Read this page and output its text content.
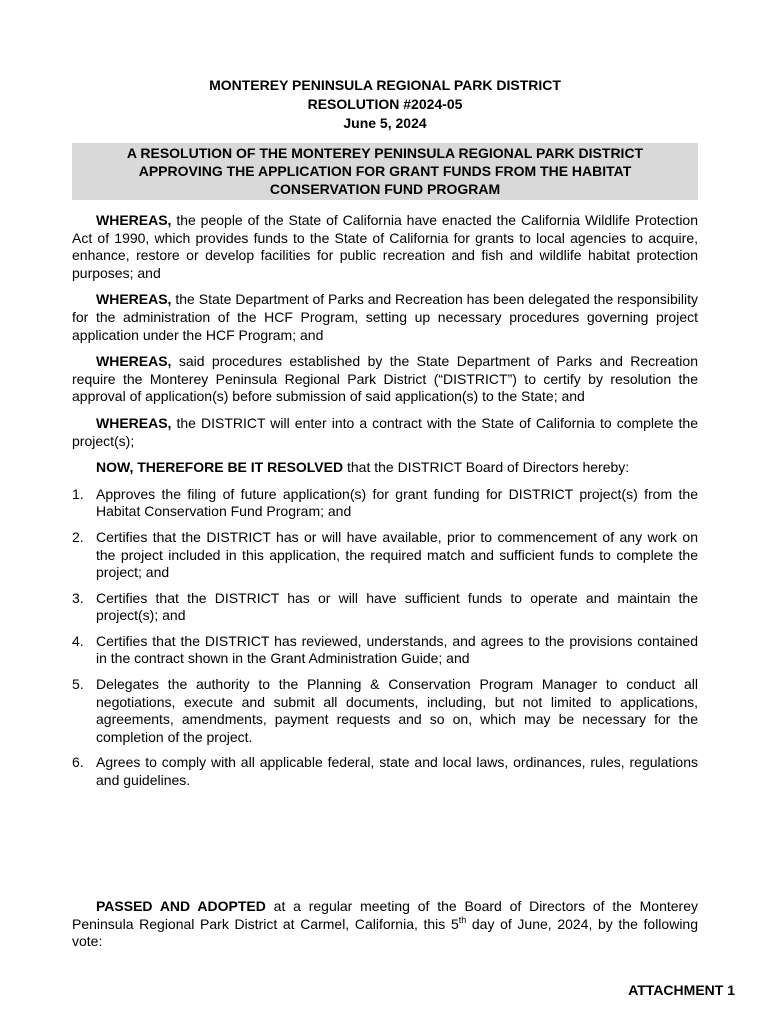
MONTEREY PENINSULA REGIONAL PARK DISTRICT
RESOLUTION #2024-05
June 5, 2024
A RESOLUTION OF THE MONTEREY PENINSULA REGIONAL PARK DISTRICT
APPROVING THE APPLICATION FOR GRANT FUNDS FROM THE HABITAT
CONSERVATION FUND PROGRAM

WHEREAS, the people of the State of California have enacted the California Wildlife Protection Act of 1990, which provides funds to the State of California for grants to local agencies to acquire, enhance, restore or develop facilities for public recreation and fish and wildlife habitat protection purposes; and

WHEREAS, the State Department of Parks and Recreation has been delegated the responsibility for the administration of the HCF Program, setting up necessary procedures governing project application under the HCF Program; and

WHEREAS, said procedures established by the State Department of Parks and Recreation require the Monterey Peninsula Regional Park District (“DISTRICT”) to certify by resolution the approval of application(s) before submission of said application(s) to the State; and

WHEREAS, the DISTRICT will enter into a contract with the State of California to complete the project(s);

NOW, THEREFORE BE IT RESOLVED that the DISTRICT Board of Directors hereby:

1. Approves the filing of future application(s) for grant funding for DISTRICT project(s) from the Habitat Conservation Fund Program; and
2. Certifies that the DISTRICT has or will have available, prior to commencement of any work on the project included in this application, the required match and sufficient funds to complete the project; and
3. Certifies that the DISTRICT has or will have sufficient funds to operate and maintain the project(s); and
4. Certifies that the DISTRICT has reviewed, understands, and agrees to the provisions contained in the contract shown in the Grant Administration Guide; and
5. Delegates the authority to the Planning & Conservation Program Manager to conduct all negotiations, execute and submit all documents, including, but not limited to applications, agreements, amendments, payment requests and so on, which may be necessary for the completion of the project.
6. Agrees to comply with all applicable federal, state and local laws, ordinances, rules, regulations and guidelines.

PASSED AND ADOPTED at a regular meeting of the Board of Directors of the Monterey Peninsula Regional Park District at Carmel, California, this 5th day of June, 2024, by the following vote:

ATTACHMENT 1
